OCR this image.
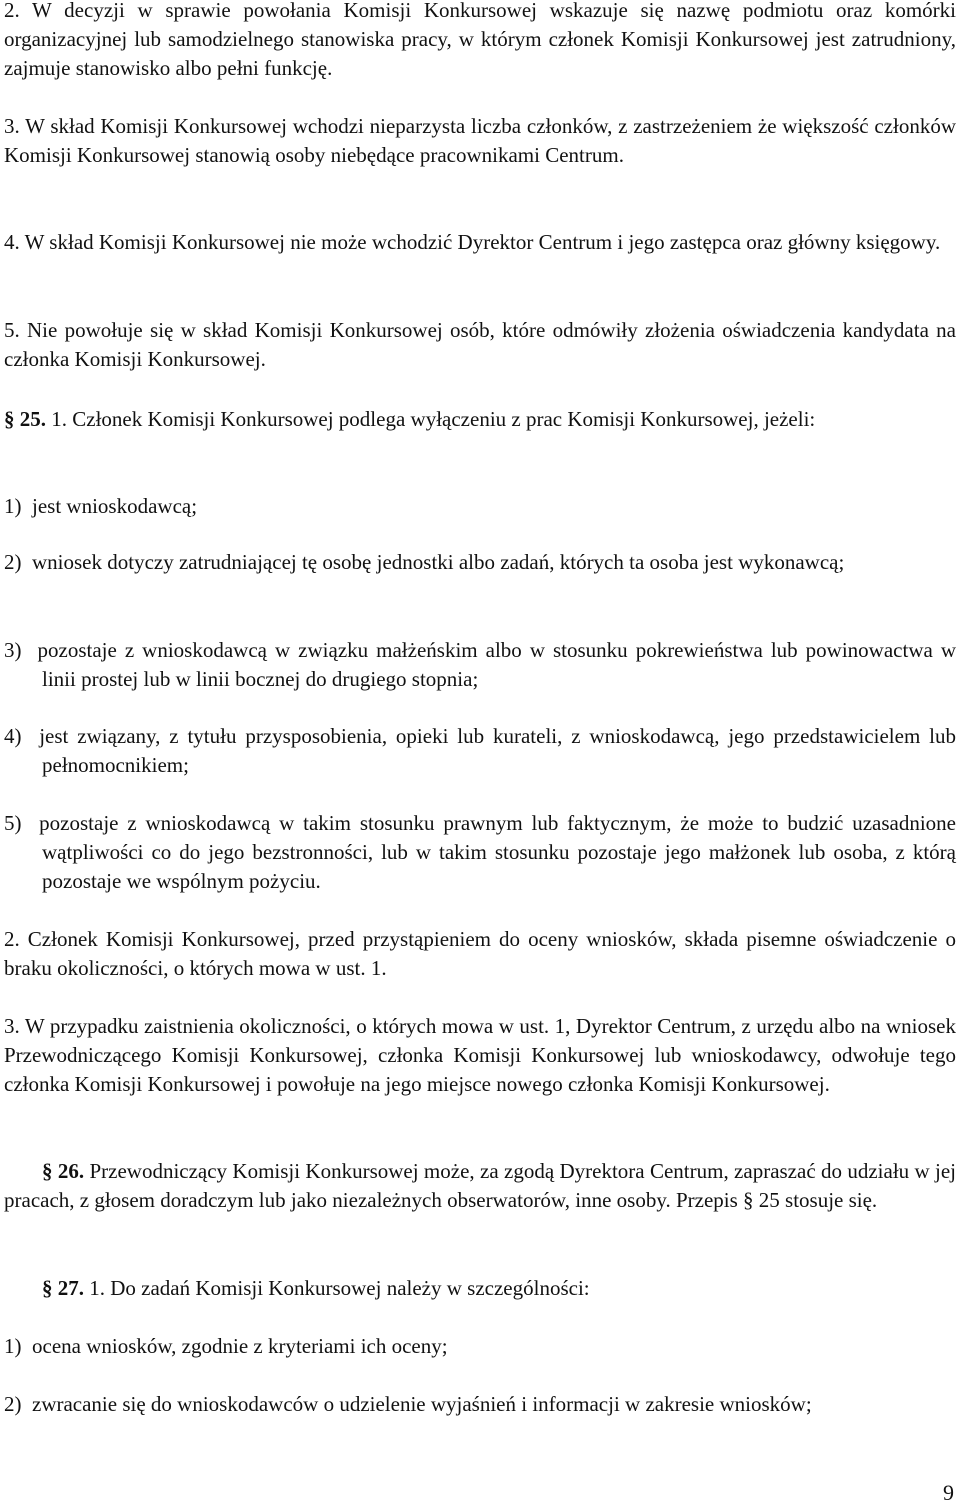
2. W decyzji w sprawie powołania Komisji Konkursowej wskazuje się nazwę podmiotu oraz komórki organizacyjnej lub samodzielnego stanowiska pracy, w którym członek Komisji Konkursowej jest zatrudniony, zajmuje stanowisko albo pełni funkcję.
3. W skład Komisji Konkursowej wchodzi nieparzysta liczba członków, z zastrzeżeniem że większość członków Komisji Konkursowej stanowią osoby niebędące pracownikami Centrum.
4. W skład Komisji Konkursowej nie może wchodzić Dyrektor Centrum i jego zastępca oraz główny księgowy.
5. Nie powołuje się w skład Komisji Konkursowej osób, które odmówiły złożenia oświadczenia kandydata na członka Komisji Konkursowej.
§ 25. 1. Członek Komisji Konkursowej podlega wyłączeniu z prac Komisji Konkursowej, jeżeli:
1)  jest wnioskodawcą;
2)  wniosek dotyczy zatrudniającej tę osobę jednostki albo zadań, których ta osoba jest wykonawcą;
3)  pozostaje z wnioskodawcą w związku małżeńskim albo w stosunku pokrewieństwa lub powinowactwa w linii prostej lub w linii bocznej do drugiego stopnia;
4)  jest związany, z tytułu przysposobienia, opieki lub kurateli, z wnioskodawcą, jego przedstawicielem lub pełnomocnikiem;
5)  pozostaje z wnioskodawcą w takim stosunku prawnym lub faktycznym, że może to budzić uzasadnione wątpliwości co do jego bezstronności, lub w takim stosunku pozostaje jego małżonek lub osoba, z którą pozostaje we wspólnym pożyciu.
2. Członek Komisji Konkursowej, przed przystąpieniem do oceny wniosków, składa pisemne oświadczenie o braku okoliczności, o których mowa w ust. 1.
3. W przypadku zaistnienia okoliczności, o których mowa w ust. 1, Dyrektor Centrum, z urzędu albo na wniosek Przewodniczącego Komisji Konkursowej, członka Komisji Konkursowej lub wnioskodawcy, odwołuje tego członka Komisji Konkursowej i powołuje na jego miejsce nowego członka Komisji Konkursowej.
§ 26. Przewodniczący Komisji Konkursowej może, za zgodą Dyrektora Centrum, zapraszać do udziału w jej pracach, z głosem doradczym lub jako niezależnych obserwatorów, inne osoby. Przepis § 25 stosuje się.
§ 27. 1. Do zadań Komisji Konkursowej należy w szczególności:
1)  ocena wniosków, zgodnie z kryteriami ich oceny;
2)  zwracanie się do wnioskodawców o udzielenie wyjaśnień i informacji w zakresie wniosków;
9
